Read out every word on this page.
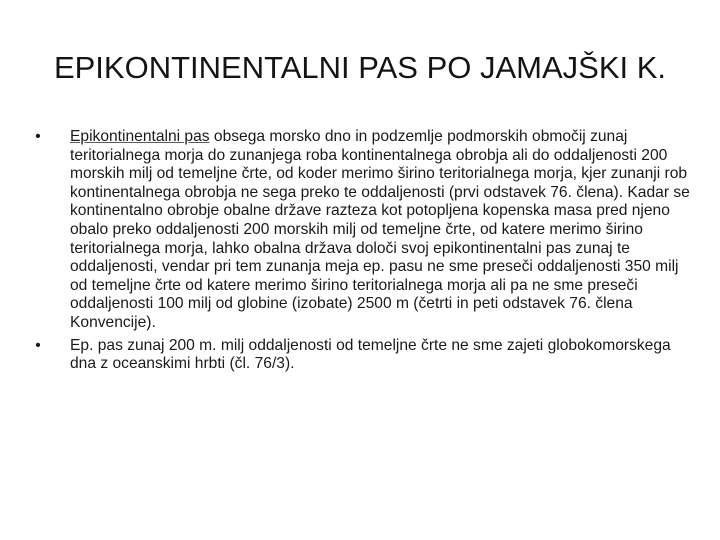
EPIKONTINENTALNI PAS PO JAMAJŠKI K.
•	Epikontinentalni pas obsega morsko dno in podzemlje podmorskih območij zunaj teritorialnega morja do zunanjega roba kontinentalnega obrobja ali do oddaljenosti 200 morskih milj od temeljne črte, od koder merimo širino teritorialnega morja, kjer zunanji rob kontinentalnega obrobja ne sega preko te oddaljenosti (prvi odstavek 76. člena). Kadar se kontinentalno obrobje obalne države razteza kot potopljena kopenska masa pred njeno obalo preko oddaljenosti 200 morskih milj od temeljne črte, od katere merimo širino teritorialnega morja, lahko obalna država določi svoj epikontinentalni pas zunaj te oddaljenosti, vendar pri tem zunanja meja ep. pasu ne sme preseči oddaljenosti 350 milj od temeljne črte od katere merimo širino teritorialnega morja ali pa ne sme preseči oddaljenosti 100 milj od globine (izobate) 2500 m (četrti in peti odstavek 76. člena Konvencije).
•	Ep. pas zunaj 200 m. milj oddaljenosti od temeljne črte ne sme zajeti globokomorskega dna z oceanskimi hrbti (čl. 76/3).
